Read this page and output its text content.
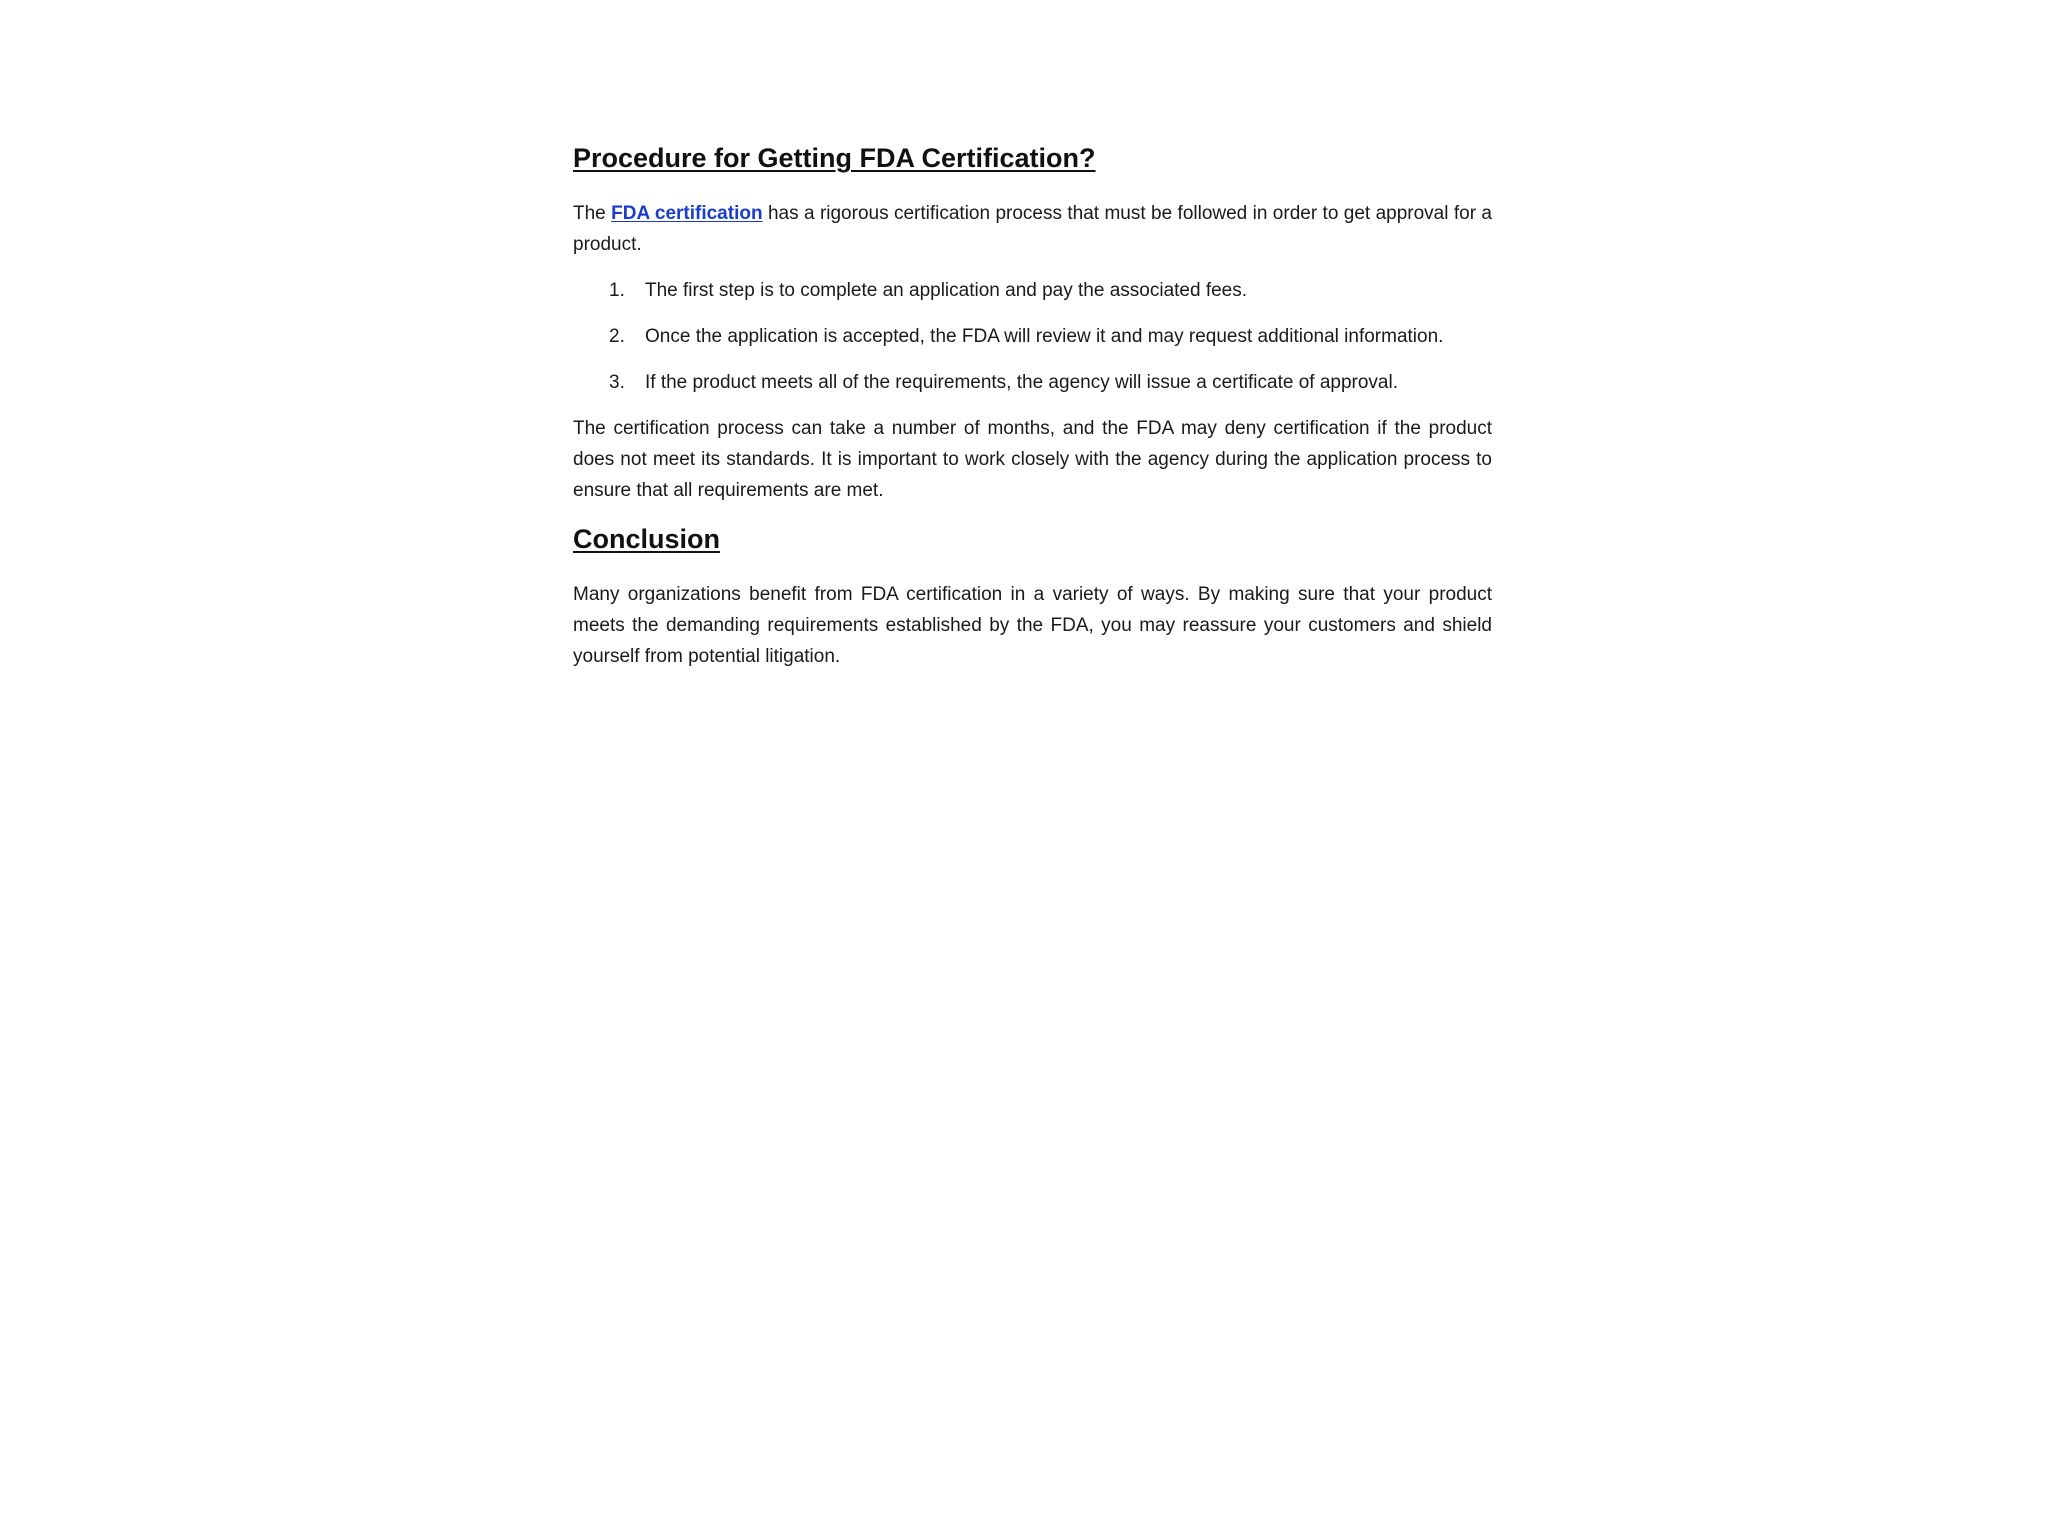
Procedure for Getting FDA Certification?

The FDA certification has a rigorous certification process that must be followed in order to get approval for a product.

1.	The first step is to complete an application and pay the associated fees.
2.	Once the application is accepted, the FDA will review it and may request additional information.
3.	If the product meets all of the requirements, the agency will issue a certificate of approval.

The certification process can take a number of months, and the FDA may deny certification if the product does not meet its standards. It is important to work closely with the agency during the application process to ensure that all requirements are met.

Conclusion

Many organizations benefit from FDA certification in a variety of ways. By making sure that your product meets the demanding requirements established by the FDA, you may reassure your customers and shield yourself from potential litigation.
